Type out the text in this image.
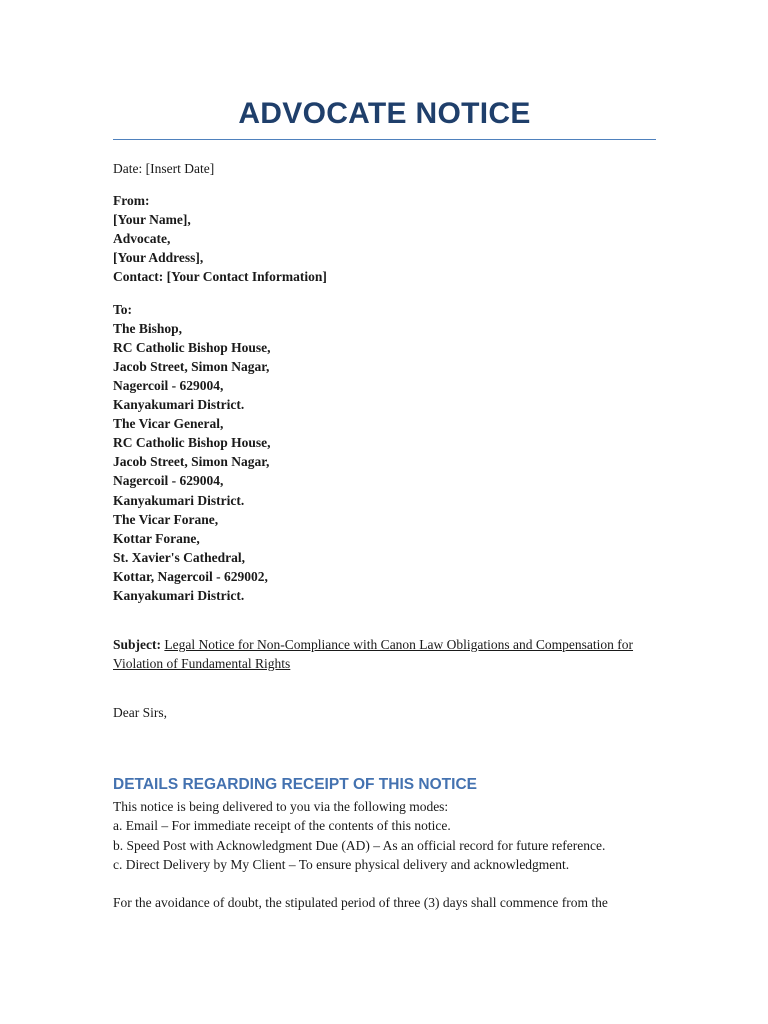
ADVOCATE NOTICE
Date: [Insert Date]
From:
[Your Name],
Advocate,
[Your Address],
Contact: [Your Contact Information]
To:
The Bishop,
RC Catholic Bishop House,
Jacob Street, Simon Nagar,
Nagercoil - 629004,
Kanyakumari District.
The Vicar General,
RC Catholic Bishop House,
Jacob Street, Simon Nagar,
Nagercoil - 629004,
Kanyakumari District.
The Vicar Forane,
Kottar Forane,
St. Xavier's Cathedral,
Kottar, Nagercoil - 629002,
Kanyakumari District.
Subject: Legal Notice for Non-Compliance with Canon Law Obligations and Compensation for Violation of Fundamental Rights
Dear Sirs,
DETAILS REGARDING RECEIPT OF THIS NOTICE
This notice is being delivered to you via the following modes:
a. Email – For immediate receipt of the contents of this notice.
b. Speed Post with Acknowledgment Due (AD) – As an official record for future reference.
c. Direct Delivery by My Client – To ensure physical delivery and acknowledgment.
For the avoidance of doubt, the stipulated period of three (3) days shall commence from the
